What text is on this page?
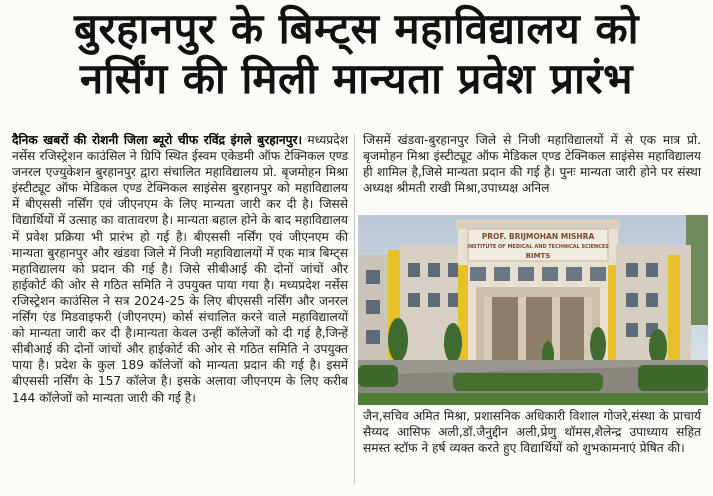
बुरहानपुर के बिम्ट्स महाविद्यालय को
नर्सिंग की मिली मान्यता प्रवेश प्रारंभ
दैनिक खबरों की रोशनी जिला ब्यूरो चीफ रविंद्र इंगले बुरहानपुर। मध्यप्रदेश नर्सेस रजिस्ट्रेशन काउंसिल ने ग्रिपि स्थित ईस्वम एकेडमी ऑफ टेक्निकल एण्ड जनरल एज्युकेशन बुरहानपुर द्वारा संचालित महाविद्यालय प्रो. बृजमोहन मिश्रा इंस्टीट्यूट ऑफ मेडिकल एण्ड टेक्निकल साइंसेस बुरहानपुर को महाविद्यालय में बीएससी नर्सिंग एवं जीएनएम के लिए मान्यता जारी कर दी है। जिससे विद्यार्थियों में उत्साह का वातावरण है। मान्यता बहाल होने के बाद महाविद्यालय में प्रवेश प्रक्रिया भी प्रारंभ हो गई है। बीएससी नर्सिंग एवं जीएनएम की मान्यता बुरहानपुर और खंडवा जिले में निजी महाविद्यालयों में एक मात्र बिम्ट्स महाविद्यालय को प्रदान की गई है। जिसे सीबीआई की दोनों जांचों और हाईकोर्ट की ओर से गठित समिति ने उपयुक्त पाया गया है। मध्यप्रदेश नर्सेस रजिस्ट्रेशन काउंसिल ने सत्र 2024-25 के लिए बीएससी नर्सिंग और जनरल नर्सिंग एंड मिडवाइफरी (जीएनएम) कोर्स संचालित करने वाले महाविद्यालयों को मान्यता जारी कर दी है।मान्यता केवल उन्हीं कॉलेजों को दी गई है,जिन्हें सीबीआई की दोनों जांचों और हाईकोर्ट की ओर से गठित समिति ने उपयुक्त पाया है। प्रदेश के कुल 189 कॉलेजों को मान्यता प्रदान की गई है। इसमें बीएससी नर्सिंग के 157 कॉलेज है। इसके अलावा जीएनएम के लिए करीब 144 कॉलेजों को मान्यता जारी की गई है।
जिसमें खंडवा-बुरहानपुर जिले से निजी महाविद्यालयों में से एक मात्र प्रो. बृजमोहन मिश्रा इंस्टीट्यूट ऑफ मेडिकल एण्ड टेक्निकल साइंसेस महाविद्यालय ही शामिल है,जिसे मान्यता प्रदान की गई है। पुनः मान्यता जारी होने पर संस्था अध्यक्ष श्रीमती राखी मिश्रा,उपाध्यक्ष अनिल
PROF. BRIJMOHAN MISHRA
INSTITUTE OF MEDICAL AND TECHNICAL SCIENCES
BIMTS
जैन,सचिव अमित मिश्रा, प्रशासनिक अधिकारी विशाल गोजरे,संस्था के प्राचार्य सैय्यद आसिफ अली,डॉ.जैनुद्दीन अली,प्रेणु थॉमस,शैलेन्द्र उपाध्याय सहित समस्त स्टॉफ ने हर्ष व्यक्त करते हुए विद्यार्थियों को शुभकामनाएं प्रेषित की।
